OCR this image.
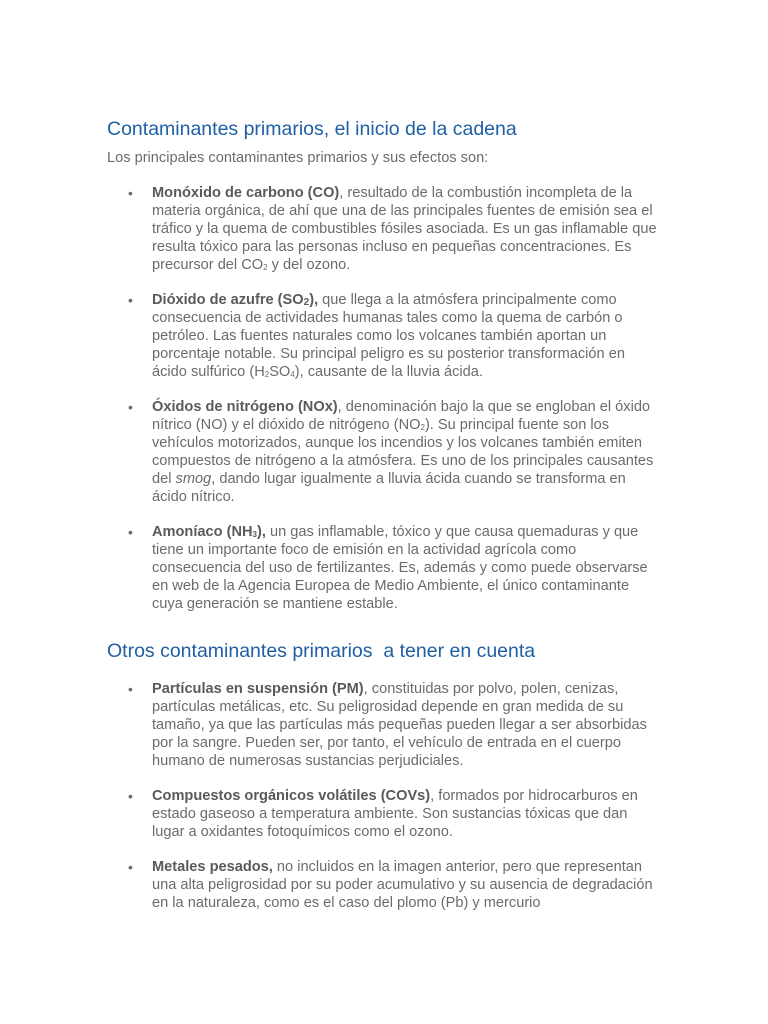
Contaminantes primarios, el inicio de la cadena
Los principales contaminantes primarios y sus efectos son:
• Monóxido de carbono (CO), resultado de la combustión incompleta de la materia orgánica, de ahí que una de las principales fuentes de emisión sea el tráfico y la quema de combustibles fósiles asociada. Es un gas inflamable que resulta tóxico para las personas incluso en pequeñas concentraciones. Es precursor del $CO_2$ y del ozono.
• Dióxido de azufre $(SO_2)$, que llega a la atmósfera principalmente como consecuencia de actividades humanas tales como la quema de carbón o petróleo. Las fuentes naturales como los volcanes también aportan un porcentaje notable. Su principal peligro es su posterior transformación en ácido sulfúrico $(H_2SO_4)$, causante de la lluvia ácida.
• Óxidos de nitrógeno (NOx), denominación bajo la que se engloban el óxido nítrico (NO) y el dióxido de nitrógeno $(NO_2)$. Su principal fuente son los vehículos motorizados, aunque los incendios y los volcanes también emiten compuestos de nitrógeno a la atmósfera. Es uno de los principales causantes del smog, dando lugar igualmente a lluvia ácida cuando se transforma en ácido nítrico.
• Amoníaco $(NH_3)$, un gas inflamable, tóxico y que causa quemaduras y que tiene un importante foco de emisión en la actividad agrícola como consecuencia del uso de fertilizantes. Es, además y como puede observarse en web de la Agencia Europea de Medio Ambiente, el único contaminante cuya generación se mantiene estable.
Otros contaminantes primarios  a tener en cuenta
• Partículas en suspensión (PM), constituidas por polvo, polen, cenizas, partículas metálicas, etc. Su peligrosidad depende en gran medida de su tamaño, ya que las partículas más pequeñas pueden llegar a ser absorbidas por la sangre. Pueden ser, por tanto, el vehículo de entrada en el cuerpo humano de numerosas sustancias perjudiciales.
• Compuestos orgánicos volátiles (COVs), formados por hidrocarburos en estado gaseoso a temperatura ambiente. Son sustancias tóxicas que dan lugar a oxidantes fotoquímicos como el ozono.
• Metales pesados, no incluidos en la imagen anterior, pero que representan una alta peligrosidad por su poder acumulativo y su ausencia de degradación en la naturaleza, como es el caso del plomo (Pb) y mercurio
